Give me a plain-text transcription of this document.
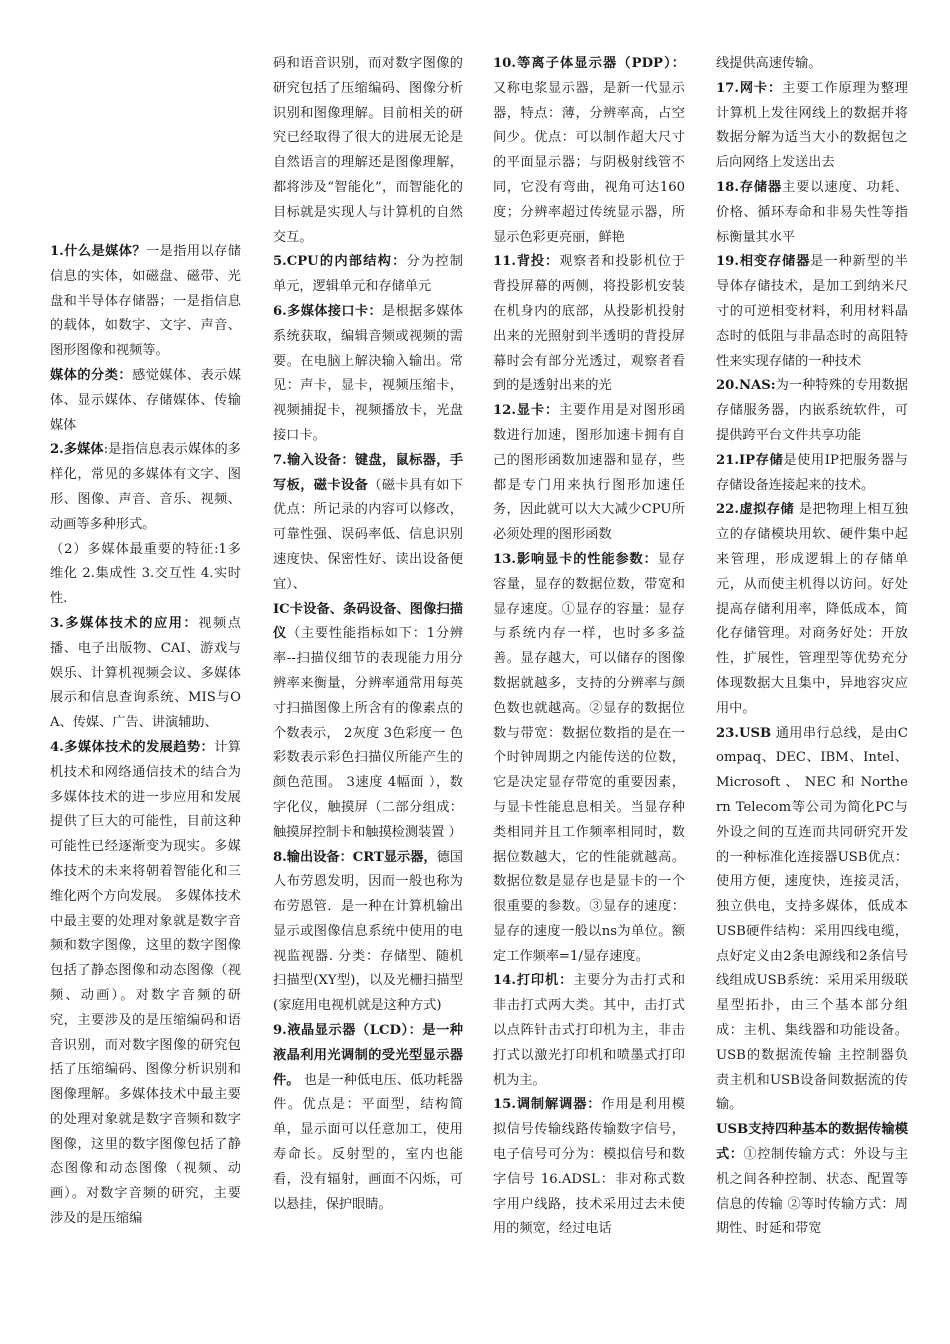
1.什么是媒体？一是指用以存储信息的实体，如磁盘、磁带、光盘和半导体存储器；一是指信息的载体，如数字、文字、声音、图形图像和视频等。

媒体的分类：感觉媒体、表示媒体、显示媒体、存储媒体、传输媒体

2.多媒体:是指信息表示媒体的多样化，常见的多媒体有文字、图形、图像、声音、音乐、视频、动画等多种形式。

（2）多媒体最重要的特征:1多维化 2.集成性 3.交互性 4.实时性.

3.多媒体技术的应用：视频点播、电子出版物、CAI、游戏与娱乐、计算机视频会议、多媒体展示和信息查询系统、MIS与OA、传媒、广告、讲演辅助、

4.多媒体技术的发展趋势：计算机技术和网络通信技术的结合为多媒体技术的进一步应用和发展提供了巨大的可能性，目前这种可能性已经逐渐变为现实。多媒体技术的未来将朝着智能化和三维化两个方向发展。 多媒体技术中最主要的处理对象就是数字音频和数字图像，这里的数字图像包括了静态图像和动态图像（视频、动画）。对数字音频的研究，主要涉及的是压缩编码和语音识别，而对数字图像的研究包括了压缩编码、图像分析识别和图像理解。多媒体技术中最主要的处理对象就是数字音频和数字图像，这里的数字图像包括了静态图像和动态图像（视频、动画）。对数字音频的研究，主要涉及的是压缩编

码和语音识别，而对数字图像的研究包括了压缩编码、图像分析识别和图像理解。目前相关的研究已经取得了很大的进展无论是自然语言的理解还是图像理解，都将涉及“智能化”，而智能化的目标就是实现人与计算机的自然交互。

5.CPU的内部结构：分为控制单元，逻辑单元和存储单元

6.多媒体接口卡：是根据多媒体系统获取，编辑音频或视频的需要。在电脑上解决输入输出。常见：声卡，显卡，视频压缩卡，视频捕捉卡，视频播放卡，光盘接口卡。

7.输入设备：键盘，鼠标器，手写板，磁卡设备（磁卡具有如下优点：所记录的内容可以修改，可靠性强、误码率低、信息识别速度快、保密性好、读出设备便宜）、

IC卡设备、条码设备、图像扫描仪（主要性能指标如下：1分辨率--扫描仪细节的表现能力用分辨率来衡量，分辨率通常用每英寸扫描图像上所含有的像素点的个数表示， 2灰度 3色彩度一 色彩数表示彩色扫描仪所能产生的颜色范围。 3速度 4幅面 ），数字化仪，触摸屏（二部分组成：触摸屏控制卡和触摸检测装置 ）

8.输出设备：CRT显示器，德国人布劳恩发明，因而一般也称为布劳恩管．是一种在计算机输出显示或图像信息系统中使用的电视监视器. 分类：存储型、随机扫描型(XY型)，以及光栅扫描型(家庭用电视机就是这种方式)

9.液晶显示器（LCD）：是一种液晶利用光调制的受光型显示器件。 也是一种低电压、低功耗器件。优点是：平面型，结构简单，显示面可以任意加工，使用寿命长。反射型的，室内也能看，没有辐射，画面不闪烁，可以悬挂，保护眼睛。

10.等离子体显示器（PDP）：又称电浆显示器，是新一代显示器，特点：薄，分辨率高，占空间少。优点：可以制作超大尺寸的平面显示器；与阴极射线管不同，它没有弯曲，视角可达160度；分辨率超过传统显示器，所显示色彩更亮丽，鲜艳

11.背投：观察者和投影机位于背投屏幕的两侧，将投影机安装在机身内的底部，从投影机投射出来的光照射到半透明的背投屏幕时会有部分光透过，观察者看到的是透射出来的光

12.显卡：主要作用是对图形函数进行加速，图形加速卡拥有自己的图形函数加速器和显存，些都是专门用来执行图形加速任务，因此就可以大大减少CPU所必须处理的图形函数

13.影响显卡的性能参数：显存容量，显存的数据位数，带宽和显存速度。①显存的容量：显存与系统内存一样，也时多多益善。显存越大，可以储存的图像数据就越多，支持的分辨率与颜色数也就越高。②显存的数据位数与带宽：数据位数指的是在一个时钟周期之内能传送的位数，它是决定显存带宽的重要因素，与显卡性能息息相关。当显存种类相同并且工作频率相同时，数据位数越大，它的性能就越高。数据位数是显存也是显卡的一个很重要的参数。③显存的速度：显存的速度一般以ns为单位。额定工作频率=1/显存速度。

14.打印机：主要分为击打式和非击打式两大类。其中，击打式以点阵针击式打印机为主，非击打式以激光打印机和喷墨式打印机为主。

15.调制解调器：作用是利用模拟信号传输线路传输数字信号，电子信号可分为：模拟信号和数字信号 16.ADSL：非对称式数字用户线路，技术采用过去未使用的频宽，经过电话

线提供高速传输。

17.网卡：主要工作原理为整理计算机上发往网线上的数据并将数据分解为适当大小的数据包之后向网络上发送出去

18.存储器主要以速度、功耗、价格、循环寿命和非易失性等指标衡量其水平

19.相变存储器是一种新型的半导体存储技术，是加工到纳米尺寸的可逆相变材料，利用材料晶态时的低阻与非晶态时的高阻特性来实现存储的一种技术

20.NAS:为一种特殊的专用数据存储服务器，内嵌系统软件，可提供跨平台文件共享功能

21.IP存储是使用IP把服务器与存储设备连接起来的技术。

22.虚拟存储 是把物理上相互独立的存储模块用软、硬件集中起来管理，形成逻辑上的存储单元，从而使主机得以访问。好处提高存储利用率，降低成本，简化存储管理。对商务好处：开放性，扩展性，管理型等优势充分体现数据大且集中，异地容灾应用中。

23.USB 通用串行总线，是由Compaq、DEC、IBM、Intel、Microsoft 、 NEC 和 Northern Telecom等公司为简化PC与外设之间的互连而共同研究开发的一种标准化连接器USB优点：使用方便，速度快，连接灵活，独立供电，支持多媒体，低成本USB硬件结构：采用四线电缆，点好定义由2条电源线和2条信号线组成USB系统：采用采用级联星型拓扑，由三个基本部分组成：主机、集线器和功能设备。USB的数据流传输 主控制器负责主机和USB设备间数据流的传输。

USB支持四种基本的数据传输模式：①控制传输方式：外设与主机之间各种控制、状态、配置等信息的传输 ②等时传输方式：周期性、时延和带宽
